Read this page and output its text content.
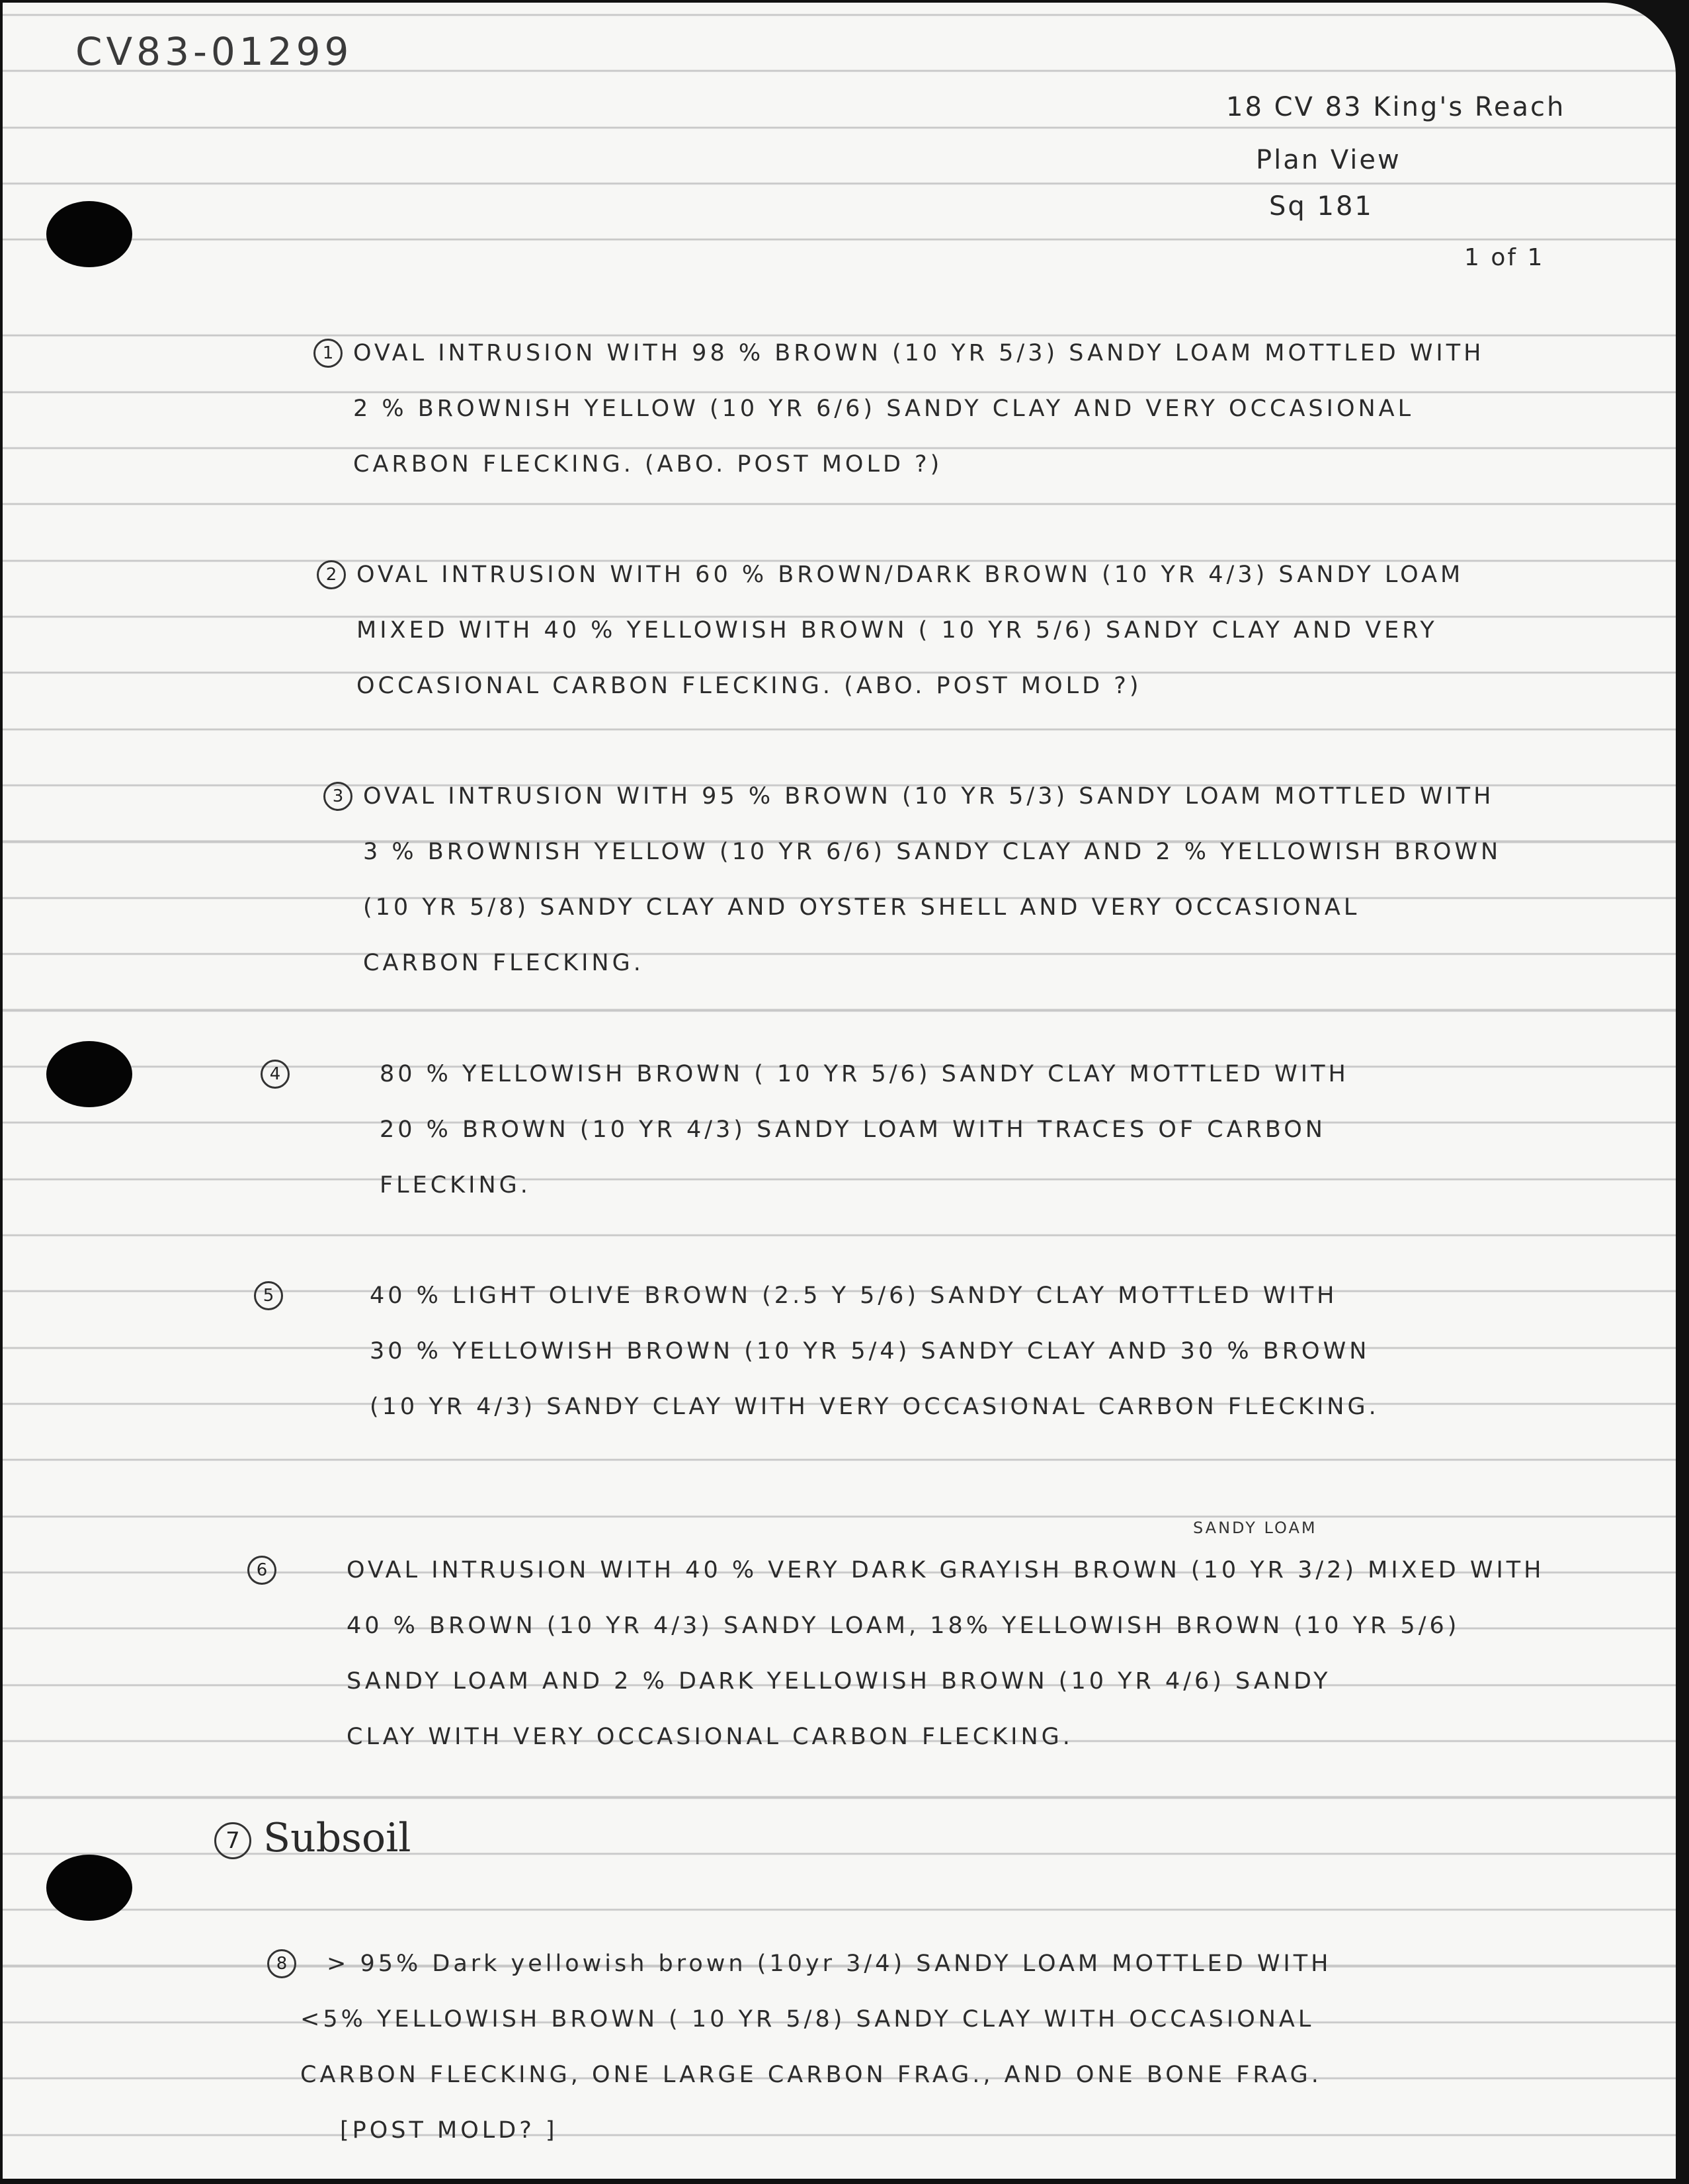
CV83-01299
18 CV 83 King's Reach
Plan View
Sq 181
1 of 1
1 OVAL INTRUSION WITH 98 % BROWN (10 YR 5/3) SANDY LOAM MOTTLED WITH
2 % BROWNISH YELLOW (10 YR 6/6) SANDY CLAY AND VERY OCCASIONAL
CARBON FLECKING. (ABO. POST MOLD ?)
2 OVAL INTRUSION WITH 60 % BROWN/DARK BROWN (10 YR 4/3) SANDY LOAM
MIXED WITH 40 % YELLOWISH BROWN ( 10 YR 5/6) SANDY CLAY AND VERY
OCCASIONAL CARBON FLECKING. (ABO. POST MOLD ?)
3 OVAL INTRUSION WITH 95 % BROWN (10 YR 5/3) SANDY LOAM MOTTLED WITH
3 % BROWNISH YELLOW (10 YR 6/6) SANDY CLAY AND 2 % YELLOWISH BROWN
(10 YR 5/8) SANDY CLAY AND OYSTER SHELL AND VERY OCCASIONAL
CARBON FLECKING.
4	80 % YELLOWISH BROWN ( 10 YR 5/6) SANDY CLAY MOTTLED WITH
20 % BROWN (10 YR 4/3) SANDY LOAM WITH TRACES OF CARBON
FLECKING.
5	40 % LIGHT OLIVE BROWN (2.5 Y 5/6) SANDY CLAY MOTTLED WITH
30 % YELLOWISH BROWN (10 YR 5/4) SANDY CLAY AND 30 % BROWN
(10 YR 4/3) SANDY CLAY WITH VERY OCCASIONAL CARBON FLECKING.
SANDY LOAM
6	OVAL INTRUSION WITH 40 % VERY DARK GRAYISH BROWN (10 YR 3/2) MIXED WITH
40 % BROWN (10 YR 4/3) SANDY LOAM, 18% YELLOWISH BROWN (10 YR 5/6)
SANDY LOAM AND 2 % DARK YELLOWISH BROWN (10 YR 4/6) SANDY
CLAY WITH VERY OCCASIONAL CARBON FLECKING.
7 Subsoil
8	> 95% Dark yellowish brown (10yr 3/4) SANDY LOAM MOTTLED WITH
<5% YELLOWISH BROWN ( 10 YR 5/8) SANDY CLAY WITH OCCASIONAL
CARBON FLECKING, ONE LARGE CARBON FRAG., AND ONE BONE FRAG.
[POST MOLD? ]
